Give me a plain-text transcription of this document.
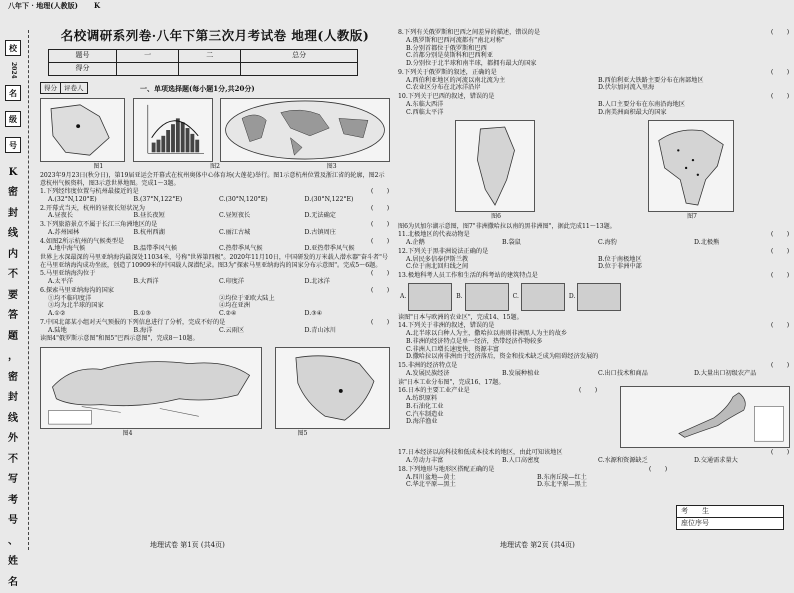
八年下 · 地理(人教版) K
校
2024
名
级
号
K
密
封
线
内
不
要
答
题
，
密
封
线
外
不
写
考
号
、
姓
名
名校调研系列卷·八年下第三次月考试卷 地理(人教版)
题号	一	二	总分
得分			
得分	评卷人	一、单项选择题(每小题1分,共20分)
图1	图2	图3
2023年9月23日(秋分日)，第19届亚运会开幕式在杭州奥体中心体育场(大莲花)举行。图1示意杭州位置及浙江省的轮廓，图2示意杭州气候资料，图3示意世界地图。完成1～3题。
1.下列经纬度位置与杭州最接近的是	(　　)
A.(32°N,120°E)	B.(37°N,122°E)	C.(30°N,120°E)	D.(30°N,122°E)
2.开幕式当天，杭州的昼夜长短状况为	(　　)
A.昼夜长	B.昼长夜短	C.昼短夜长	D.无法确定
3.下列旅游景点不属于长江三角洲地区的是	(　　)
A.苏州园林	B.杭州西湖	C.丽江古城	D.古镇周庄
4.如图2所示杭州的气候类型是	(　　)
A.地中海气候	B.温带季风气候	C.热带季风气候	D.亚热带季风气候
世界上水深最深的马里亚纳海沟最深处11034米，号称"世界第四极"。2020年11月10日，中国研发的万米载人潜水器"奋斗者"号在马里亚纳海沟成功坐底，创造了10909米的中国载人深潜纪录。图3为"探索马里亚纳海沟的国家分布示意图"。完成5～6题。
5.马里亚纳海沟位于	(　　)
A.太平洋	B.大西洋	C.印度洋	D.北冰洋
6.探索马里亚纳海沟的国家	(　　)
①均不临印度洋	②均位于亚欧大陆上
③均为北半球的国家	④均在亚洲
A.①②	B.①③	C.②④	D.③④
7.中国北部某小组对天气预报的下列信息进行了分析，完成不好的是	(　　)
A.陆地	B.海洋	C.云雨区	D.青山冰川
读图4"俄罗斯示意图"和图5"巴西示意图"，完成8～10题。
图4	图5
地理试卷 第1页 (共4页)
8.下列有关俄罗斯和巴西之间差异的描述，错误的是	(　　)
A.俄罗斯和巴西河流都有"南北对称"
B.分别首都位于俄罗斯和巴西
C.首都分别是莫斯科和巴西利亚
D.分别位于北半球和南半球，都拥有最大的国家
9.下列关于俄罗斯的叙述，正确的是	(　　)
A.西伯利亚地区的河流以南北流为主	B.西伯利亚大铁路主要分布在南部地区
C.农业区分布在北冰洋沿岸	D.伏尔加河流入里海
10.下列关于巴西的叙述，错误的是	(　　)
A.东临大西洋	B.人口主要分布在东南沿海地区
C.西临太平洋	D.南美洲面积最大的国家
图6	图7
图6为贝加尔湖示意图，图7"非洲撒哈拉以南的黑非洲图"，据此完成11～13题。
11.北极地区的代表动物是	(　　)
A.企鹅	B.袋鼠	C.海豹	D.北极熊
12.下列关于黑非洲说法正确的是	(　　)
A.居民多信奉伊斯兰教	B.位于南极地区
C.位于南北回归线之间	D.位于非洲中部
13.极地科考人员工作和生活的科考站的建筑特点是	(　　)
A.	B.	C.	D.
读图"日本与欧洲的农业区"，完成14、15题。
14.下列关于非洲的叙述，错误的是	(　　)
A.北半球以白种人为主，撒哈拉以南则非洲黑人为主的故乡
B.非洲的经济特点是单一经济，热带经济作物较多
C.非洲人口增长速度快，资源丰富
D.撒哈拉以南非洲由于经济落后，资金和技术缺乏成为阻碍经济发展的
15.非洲的经济特点是	(　　)
A.发展民族经济	B.发展种植业	C.出口技术和商品	D.大量出口初级农产品
读"日本工业分布图"，完成16、17题。
16.日本的主要工业产业是	(　　)
A.纺织原料
B.石油化工业
C.汽车制造业
D.海洋渔业
17.日本经济以高科技和低成本技术的地区，由此可知该地区	(　　)
A.劳动力丰富	B.人口高密度	C.水源和资源缺乏	D.交通需求量大
18.下列地形与地形区搭配正确的是	(　　)
A.四川盆地—黄土	B.东南丘陵—红土
C.华北平原—黑土	D.东北平原—黑土
考　　生
座位序号
地理试卷 第2页 (共4页)
